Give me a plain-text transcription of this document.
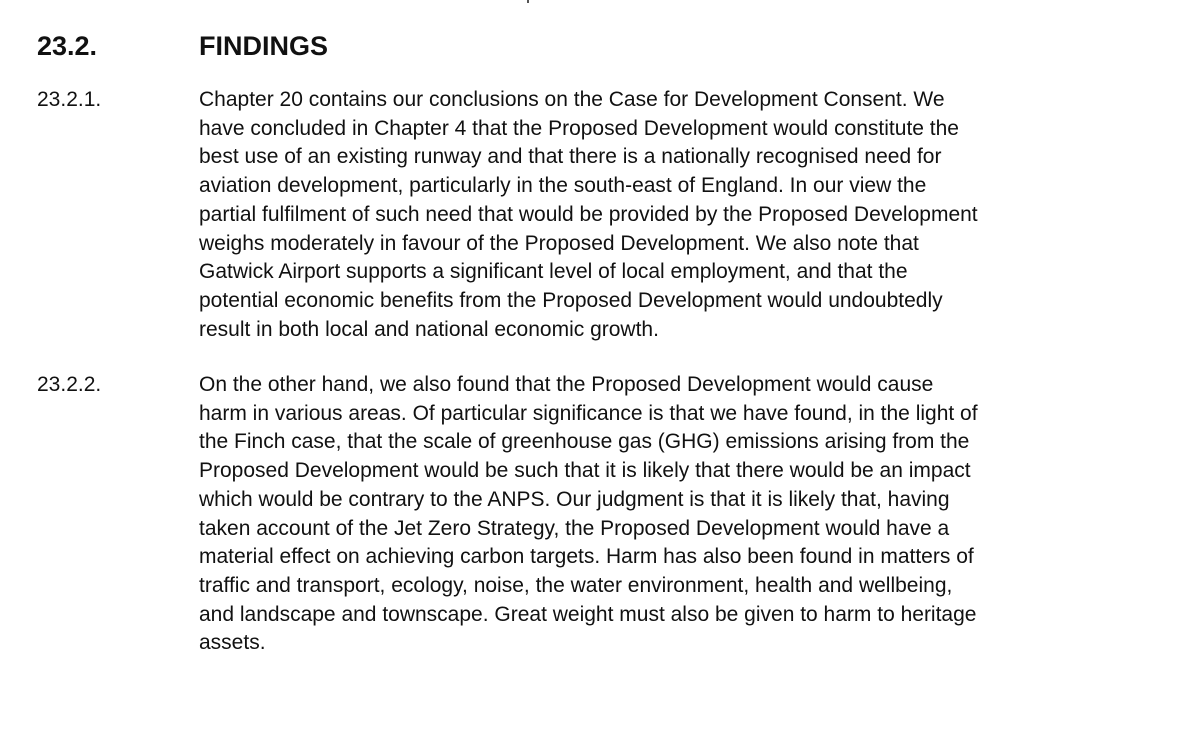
23.2.	FINDINGS
23.2.1.	Chapter 20 contains our conclusions on the Case for Development Consent. We
have concluded in Chapter 4 that the Proposed Development would constitute the
best use of an existing runway and that there is a nationally recognised need for
aviation development, particularly in the south-east of England. In our view the
partial fulfilment of such need that would be provided by the Proposed Development
weighs moderately in favour of the Proposed Development. We also note that
Gatwick Airport supports a significant level of local employment, and that the
potential economic benefits from the Proposed Development would undoubtedly
result in both local and national economic growth.
23.2.2.	On the other hand, we also found that the Proposed Development would cause
harm in various areas. Of particular significance is that we have found, in the light of
the Finch case, that the scale of greenhouse gas (GHG) emissions arising from the
Proposed Development would be such that it is likely that there would be an impact
which would be contrary to the ANPS. Our judgment is that it is likely that, having
taken account of the Jet Zero Strategy, the Proposed Development would have a
material effect on achieving carbon targets. Harm has also been found in matters of
traffic and transport, ecology, noise, the water environment, health and wellbeing,
and landscape and townscape. Great weight must also be given to harm to heritage
assets.
